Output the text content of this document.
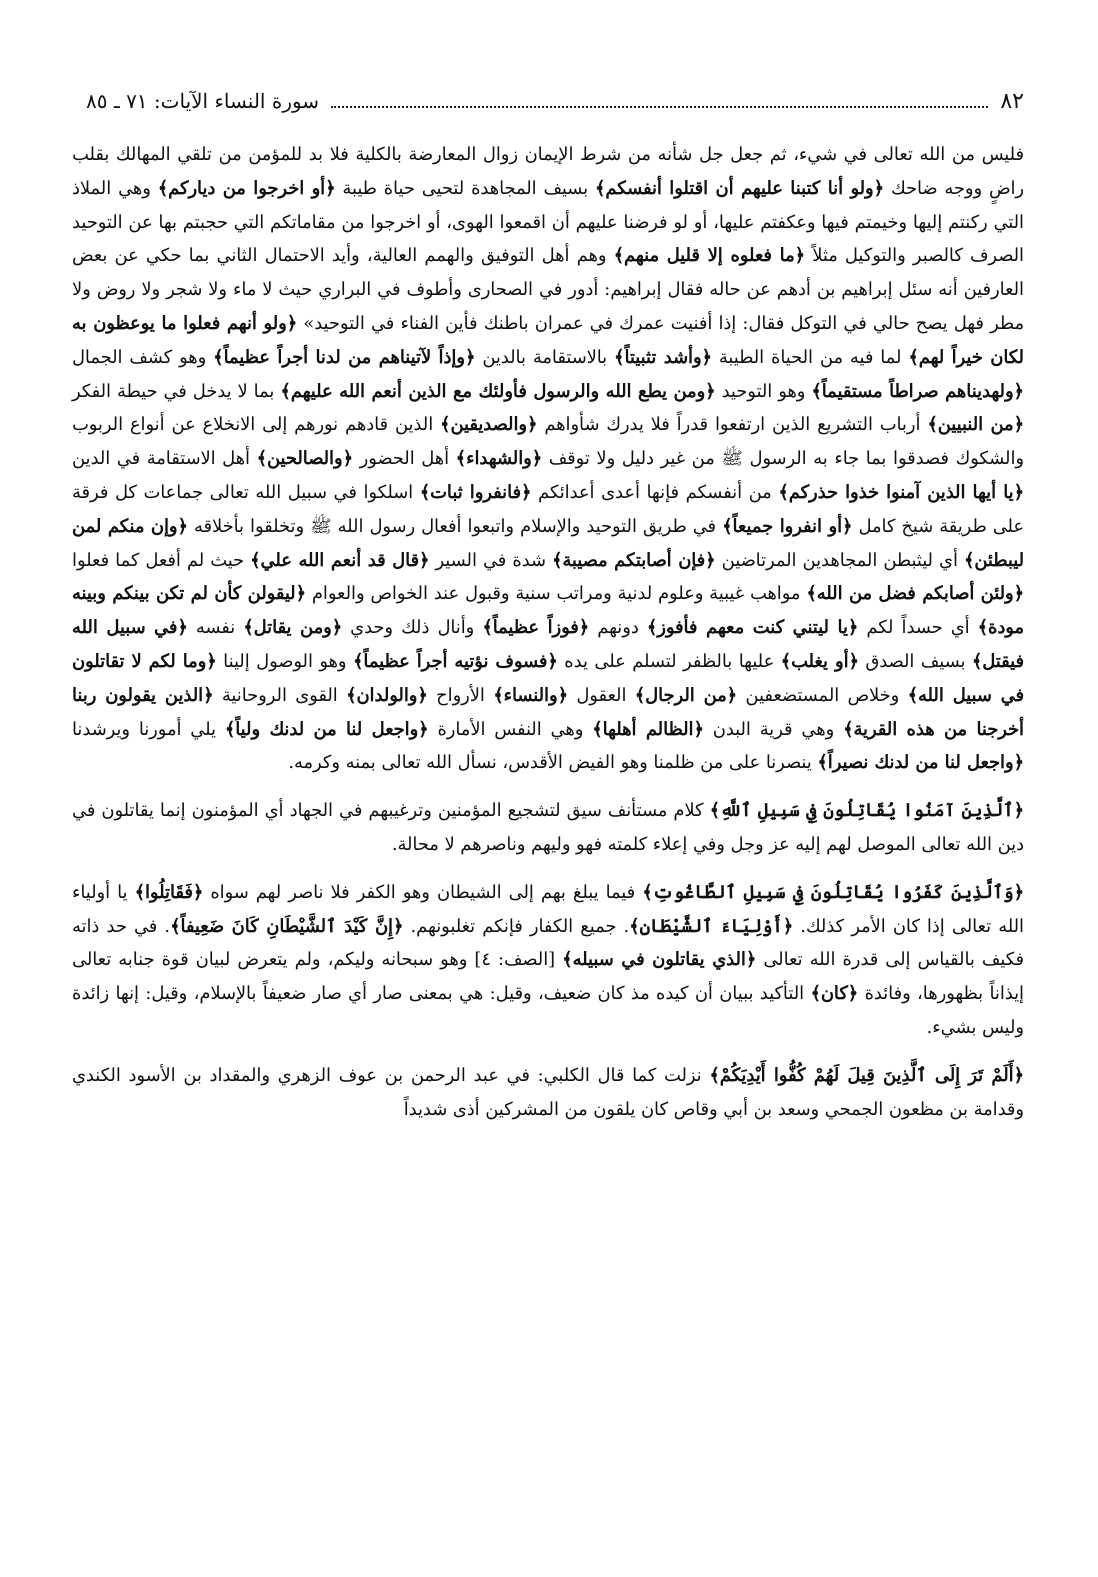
٨٢
سورة النساء الآيات: ٧١ ـ ٨٥

فليس من الله تعالى في شيء، ثم جعل جل شأنه من شرط الإيمان زوال المعارضة بالكلية فلا بد للمؤمن من تلقي المهالك بقلب راضٍ ووجه ضاحك ﴿ولو أنا كتبنا عليهم أن اقتلوا أنفسكم﴾ بسيف المجاهدة لتحيى حياة طيبة ﴿أو اخرجوا من دياركم﴾ وهي الملاذ التي ركنتم إليها وخيمتم فيها وعكفتم عليها، أو لو فرضنا عليهم أن اقمعوا الهوى، أو اخرجوا من مقاماتكم التي حجبتم بها عن التوحيد الصرف كالصبر والتوكيل مثلاً ﴿ما فعلوه إلا قليل منهم﴾ وهم أهل التوفيق والهمم العالية، وأيد الاحتمال الثاني بما حكي عن بعض العارفين أنه سئل إبراهيم بن أدهم عن حاله فقال إبراهيم: أدور في الصحارى وأطوف في البراري حيث لا ماء ولا شجر ولا روض ولا مطر فهل يصح حالي في التوكل فقال: إذا أفنيت عمرك في عمران باطنك فأين الفناء في التوحيد» ﴿ولو أنهم فعلوا ما يوعظون به لكان خيراً لهم﴾ لما فيه من الحياة الطيبة ﴿وأشد تثبيتاً﴾ بالاستقامة بالدين ﴿وإذاً لآتيناهم من لدنا أجراً عظيماً﴾ وهو كشف الجمال ﴿ولهديناهم صراطاً مستقيماً﴾ وهو التوحيد ﴿ومن يطع الله والرسول فأولئك مع الذين أنعم الله عليهم﴾ بما لا يدخل في حيطة الفكر ﴿من النبيين﴾ أرباب التشريع الذين ارتفعوا قدراً فلا يدرك شأواهم ﴿والصديقين﴾ الذين قادهم نورهم إلى الانخلاع عن أنواع الربوب والشكوك فصدقوا بما جاء به الرسول ﷺ من غير دليل ولا توقف ﴿والشهداء﴾ أهل الحضور ﴿والصالحين﴾ أهل الاستقامة في الدين ﴿يا أيها الذين آمنوا خذوا حذركم﴾ من أنفسكم فإنها أعدى أعدائكم ﴿فانفروا ثبات﴾ اسلكوا في سبيل الله تعالى جماعات كل فرقة على طريقة شيخ كامل ﴿أو انفروا جميعاً﴾ في طريق التوحيد والإسلام واتبعوا أفعال رسول الله ﷺ وتخلقوا بأخلاقه ﴿وإن منكم لمن ليبطئن﴾ أي ليثبطن المجاهدين المرتاضين ﴿فإن أصابتكم مصيبة﴾ شدة في السير ﴿قال قد أنعم الله علي﴾ حيث لم أفعل كما فعلوا ﴿ولئن أصابكم فضل من الله﴾ مواهب غيبية وعلوم لدنية ومراتب سنية وقبول عند الخواص والعوام ﴿ليقولن كأن لم تكن بينكم وبينه مودة﴾ أي حسداً لكم ﴿يا ليتني كنت معهم فأفوز﴾ دونهم ﴿فوزاً عظيماً﴾ وأنال ذلك وحدي ﴿ومن يقاتل﴾ نفسه ﴿في سبيل الله فيقتل﴾ بسيف الصدق ﴿أو يغلب﴾ عليها بالظفر لتسلم على يده ﴿فسوف نؤتيه أجراً عظيماً﴾ وهو الوصول إلينا ﴿وما لكم لا تقاتلون في سبيل الله﴾ وخلاص المستضعفين ﴿من الرجال﴾ العقول ﴿والنساء﴾ الأرواح ﴿والولدان﴾ القوى الروحانية ﴿الذين يقولون ربنا أخرجنا من هذه القرية﴾ وهي قرية البدن ﴿الظالم أهلها﴾ وهي النفس الأمارة ﴿واجعل لنا من لدنك ولياً﴾ يلي أمورنا ويرشدنا ﴿واجعل لنا من لدنك نصيراً﴾ ينصرنا على من ظلمنا وهو الفيض الأقدس، نسأل الله تعالى بمنه وكرمه.

﴿ٱلَّذِينَ آمَنُوا يُقَاتِلُونَ فِي سَبِيلِ ٱللَّهِ﴾ كلام مستأنف سيق لتشجيع المؤمنين وترغيبهم في الجهاد أي المؤمنون إنما يقاتلون في دين الله تعالى الموصل لهم إليه عز وجل وفي إعلاء كلمته فهو وليهم وناصرهم لا محالة.

﴿وَٱلَّذِينَ كَفَرُوا يُقَاتِلُونَ فِي سَبِيلِ ٱلطَّاغُوتِ﴾ فيما يبلغ بهم إلى الشيطان وهو الكفر فلا ناصر لهم سواه ﴿فَقَاتِلُوا﴾ يا أولياء الله تعالى إذا كان الأمر كذلك. ﴿أَوْلِيَاءَ ٱلشَّيْطَانِ﴾. جميع الكفار فإنكم تغلبونهم. ﴿إِنَّ كَيْدَ ٱلشَّيْطَانِ كَانَ ضَعِيفاً﴾. في حد ذاته فكيف بالقياس إلى قدرة الله تعالى ﴿الذي يقاتلون في سبيله﴾ [الصف: ٤] وهو سبحانه وليكم، ولم يتعرض لبيان قوة جنابه تعالى إيذاناً بظهورها، وفائدة ﴿كان﴾ التأكيد ببيان أن كيده مذ كان ضعيف، وقيل: هي بمعنى صار أي صار ضعيفاً بالإسلام، وقيل: إنها زائدة وليس بشيء.

﴿أَلَمْ تَرَ إِلَى ٱلَّذِينَ قِيلَ لَهُمْ كُفُّوا أَيْدِيَكُمْ﴾ نزلت كما قال الكلبي: في عبد الرحمن بن عوف الزهري والمقداد بن الأسود الكندي وقدامة بن مظعون الجمحي وسعد بن أبي وقاص كان يلقون من المشركين أذى شديداً
